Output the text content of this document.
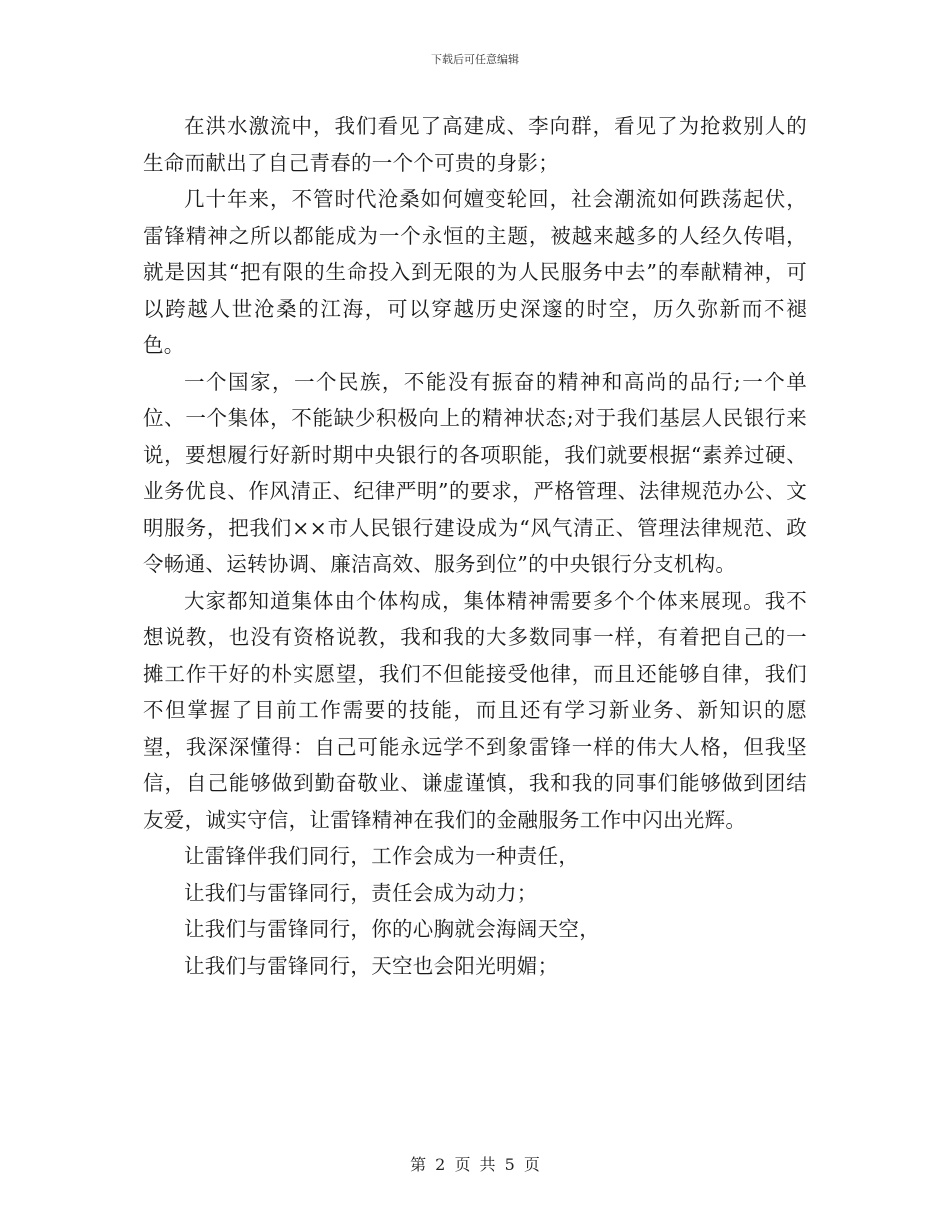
下载后可任意编辑

在洪水激流中，我们看见了高建成、李向群，看见了为抢救别人的生命而献出了自己青春的一个个可贵的身影；

几十年来，不管时代沧桑如何嬗变轮回，社会潮流如何跌荡起伏，雷锋精神之所以都能成为一个永恒的主题，被越来越多的人经久传唱，就是因其“把有限的生命投入到无限的为人民服务中去”的奉献精神，可以跨越人世沧桑的江海，可以穿越历史深邃的时空，历久弥新而不褪色。

一个国家，一个民族，不能没有振奋的精神和高尚的品行;一个单位、一个集体，不能缺少积极向上的精神状态;对于我们基层人民银行来说，要想履行好新时期中央银行的各项职能，我们就要根据“素养过硬、业务优良、作风清正、纪律严明”的要求，严格管理、法律规范办公、文明服务，把我们××市人民银行建设成为“风气清正、管理法律规范、政令畅通、运转协调、廉洁高效、服务到位”的中央银行分支机构。

大家都知道集体由个体构成，集体精神需要多个个体来展现。我不想说教，也没有资格说教，我和我的大多数同事一样，有着把自己的一摊工作干好的朴实愿望，我们不但能接受他律，而且还能够自律，我们不但掌握了目前工作需要的技能，而且还有学习新业务、新知识的愿望，我深深懂得：自己可能永远学不到象雷锋一样的伟大人格，但我坚信，自己能够做到勤奋敬业、谦虚谨慎，我和我的同事们能够做到团结友爱，诚实守信，让雷锋精神在我们的金融服务工作中闪出光辉。

让雷锋伴我们同行，工作会成为一种责任，

让我们与雷锋同行，责任会成为动力；

让我们与雷锋同行，你的心胸就会海阔天空，

让我们与雷锋同行，天空也会阳光明媚；

第 2 页 共 5 页
